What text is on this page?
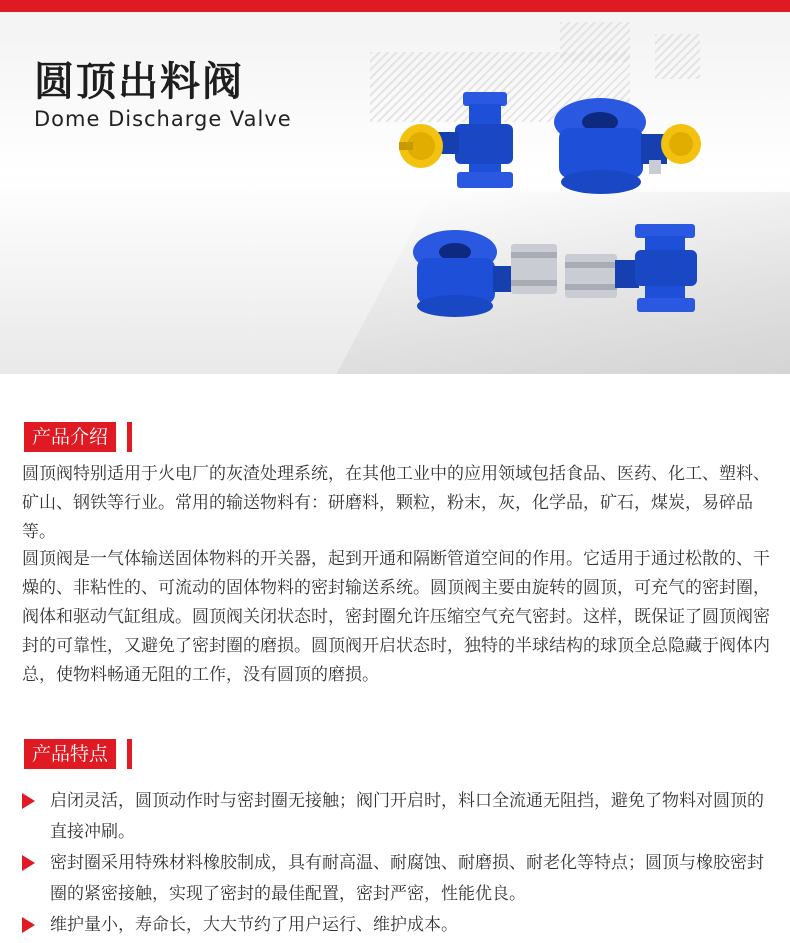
圆顶出料阀

Dome Discharge Valve

产品介绍

圆顶阀特别适用于火电厂的灰渣处理系统，在其他工业中的应用领域包括食品、医药、化工、塑料、矿山、钢铁等行业。常用的输送物料有：研磨料，颗粒，粉末，灰，化学品，矿石，煤炭，易碎品等。

圆顶阀是一气体输送固体物料的开关器，起到开通和隔断管道空间的作用。它适用于通过松散的、干燥的、非粘性的、可流动的固体物料的密封输送系统。圆顶阀主要由旋转的圆顶，可充气的密封圈，阀体和驱动气缸组成。圆顶阀关闭状态时，密封圈允许压缩空气充气密封。这样，既保证了圆顶阀密封的可靠性，又避免了密封圈的磨损。圆顶阀开启状态时，独特的半球结构的球顶全总隐藏于阀体内总，使物料畅通无阻的工作，没有圆顶的磨损。

产品特点
启闭灵活，圆顶动作时与密封圈无接触；阀门开启时，料口全流通无阻挡，避免了物料对圆顶的直接冲刷。
密封圈采用特殊材料橡胶制成，具有耐高温、耐腐蚀、耐磨损、耐老化等特点；圆顶与橡胶密封圈的紧密接触，实现了密封的最佳配置，密封严密，性能优良。
维护量小，寿命长，大大节约了用户运行、维护成本。
